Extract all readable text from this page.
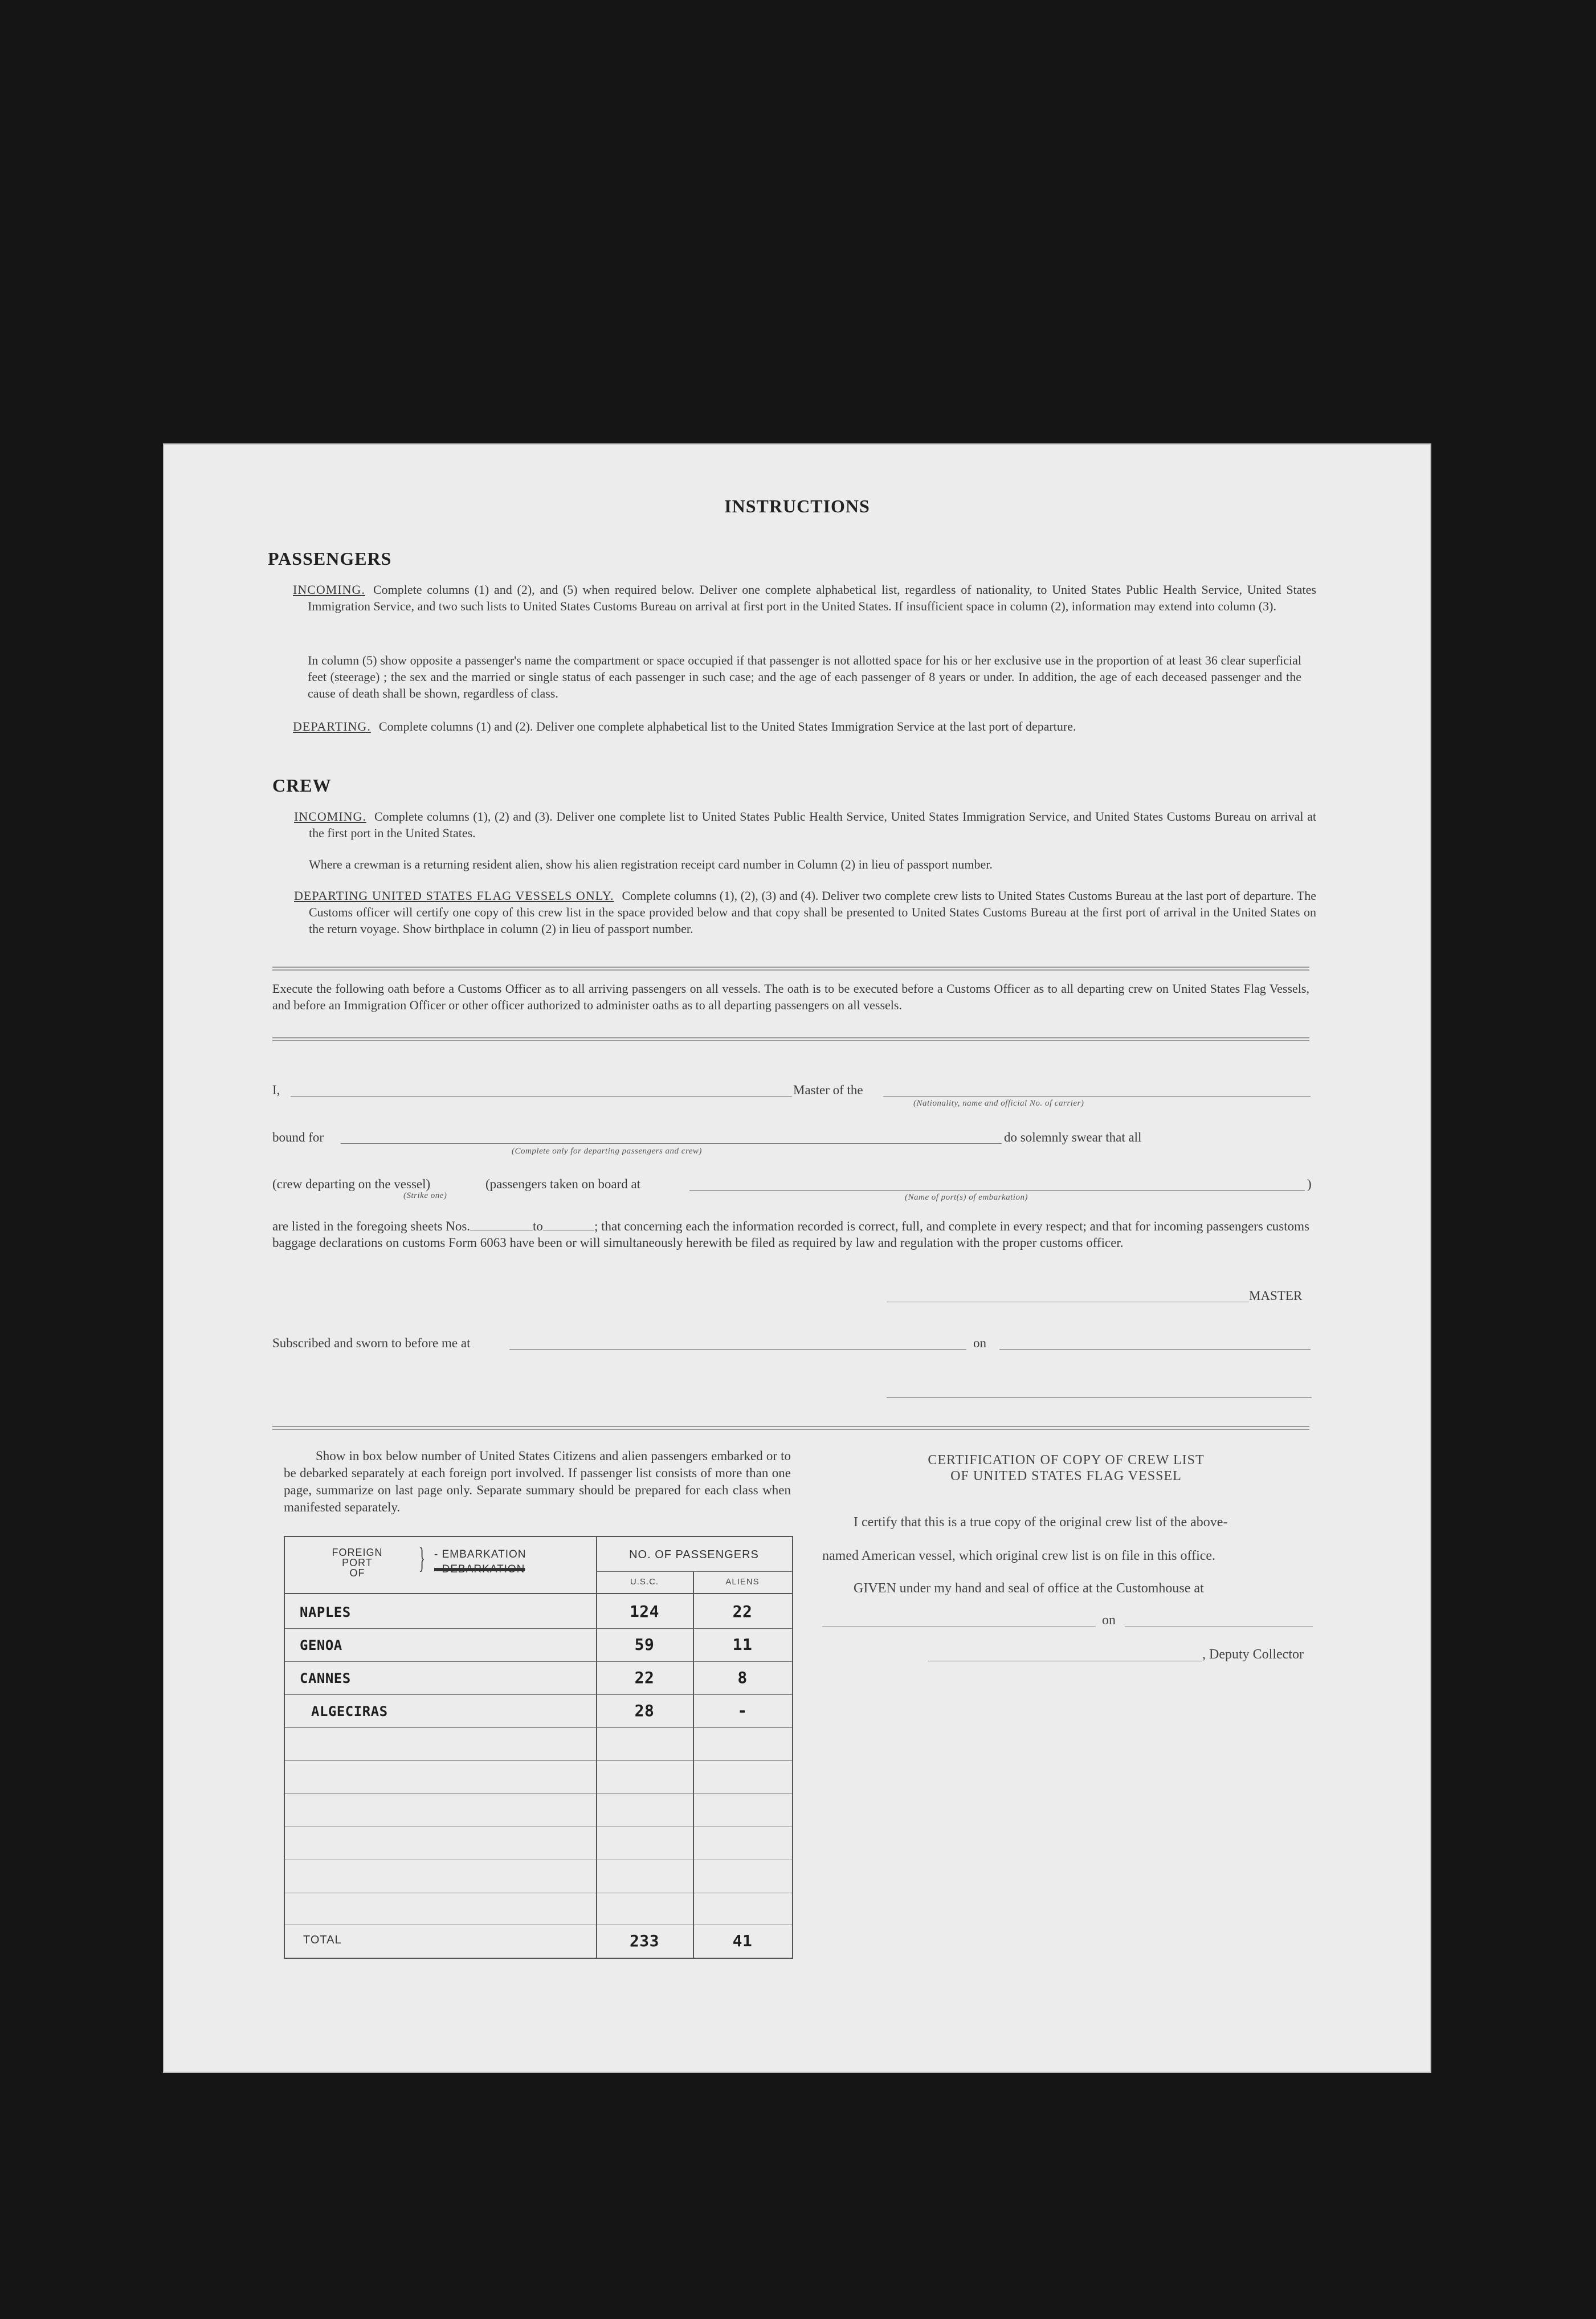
INSTRUCTIONS
PASSENGERS
INCOMING. Complete columns (1) and (2), and (5) when required below. Deliver one complete alphabetical list, regardless of nationality, to United States Public Health Service, United States Immigration Service, and two such lists to United States Customs Bureau on arrival at first port in the United States. If insufficient space in column (2), information may extend into column (3).
In column (5) show opposite a passenger's name the compartment or space occupied if that passenger is not allotted space for his or her exclusive use in the proportion of at least 36 clear superficial feet (steerage) ; the sex and the married or single status of each passenger in such case; and the age of each passenger of 8 years or under. In addition, the age of each deceased passenger and the cause of death shall be shown, regardless of class.
DEPARTING. Complete columns (1) and (2). Deliver one complete alphabetical list to the United States Immigration Service at the last port of departure.
CREW
INCOMING. Complete columns (1), (2) and (3). Deliver one complete list to United States Public Health Service, United States Immigration Service, and United States Customs Bureau on arrival at the first port in the United States.
Where a crewman is a returning resident alien, show his alien registration receipt card number in Column (2) in lieu of passport number.
DEPARTING UNITED STATES FLAG VESSELS ONLY. Complete columns (1), (2), (3) and (4). Deliver two complete crew lists to United States Customs Bureau at the last port of departure. The Customs officer will certify one copy of this crew list in the space provided below and that copy shall be presented to United States Customs Bureau at the first port of arrival in the United States on the return voyage. Show birthplace in column (2) in lieu of passport number.
Execute the following oath before a Customs Officer as to all arriving passengers on all vessels. The oath is to be executed before a Customs Officer as to all departing crew on United States Flag Vessels, and before an Immigration Officer or other officer authorized to administer oaths as to all departing passengers on all vessels.
I,	Master of the
(Nationality, name and official No. of carrier)
bound for
(Complete only for departing passengers and crew)
do solemnly swear that all
(crew departing on the vessel)
(Strike one)
(passengers taken on board at
(Name of port(s) of embarkation)
)
are listed in the foregoing sheets Nos.	to	; that concerning each the information recorded is correct, full, and complete in every respect; and that for incoming passengers customs baggage declarations on customs Form 6063 have been or will simultaneously herewith be filed as required by law and regulation with the proper customs officer.
MASTER
Subscribed and sworn to before me at	on
Show in box below number of United States Citizens and alien passengers embarked or to be debarked separately at each foreign port involved. If passenger list consists of more than one page, summarize on last page only. Separate summary should be prepared for each class when manifested separately.
FOREIGN
PORT
OF	} - EMBARKATION
- DEBARKATION
NO. OF PASSENGERS
U.S.C.	ALIENS
NAPLES	124	22
GENOA	59	11
CANNES	22	8
ALGECIRAS	28	-
TOTAL	233	41
CERTIFICATION OF COPY OF CREW LIST
OF UNITED STATES FLAG VESSEL
I certify that this is a true copy of the original crew list of the above-
named American vessel, which original crew list is on file in this office.
GIVEN under my hand and seal of office at the Customhouse at
on
, Deputy Collector
